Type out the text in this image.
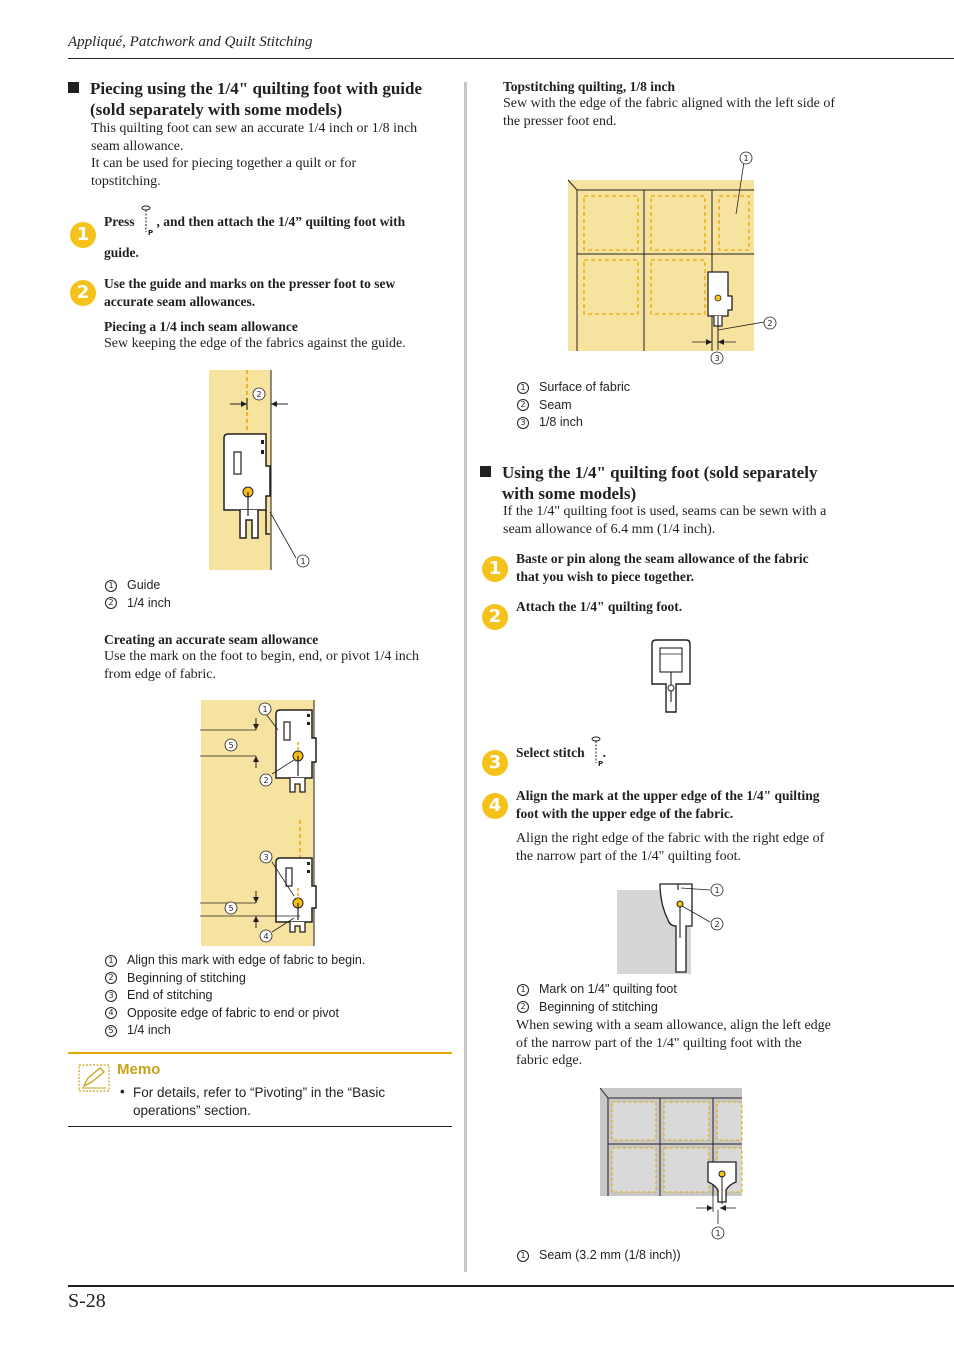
Appliqué, Patchwork and Quilt Stitching
Piecing using the 1/4" quilting foot with guide
(sold separately with some models)
This quilting foot can sew an accurate 1/4 inch or 1/8 inch
seam allowance.
It can be used for piecing together a quilt or for
topstitching.
1
Press
P
, and then attach the 1/4” quilting foot with
guide.
2	Use the guide and marks on the presser foot to sew
accurate seam allowances.
Piecing a 1/4 inch seam allowance
Sew keeping the edge of the fabrics against the guide.
1
2
1 Guide
2 1/4 inch
Creating an accurate seam allowance
Use the mark on the foot to begin, end, or pivot 1/4 inch
from edge of fabric.
1
5
2
3
5
4
1 Align this mark with edge of fabric to begin.
2 Beginning of stitching
3 End of stitching
4 Opposite edge of fabric to end or pivot
5 1/4 inch
Memo
• For details, refer to “Pivoting” in the “Basic
operations” section.
Topstitching quilting, 1/8 inch
Sew with the edge of the fabric aligned with the left side of
the presser foot end.
1
2
3
1 Surface of fabric
2 Seam
3 1/8 inch
Using the 1/4" quilting foot (sold separately
with some models)
If the 1/4" quilting foot is used, seams can be sewn with a
seam allowance of 6.4 mm (1/4 inch).
1	Baste or pin along the seam allowance of the fabric
that you wish to piece together.
2	Attach the 1/4" quilting foot.
3	Select stitch
P
.
4	Align the mark at the upper edge of the 1/4" quilting
foot with the upper edge of the fabric.
Align the right edge of the fabric with the right edge of
the narrow part of the 1/4" quilting foot.
1
2
1 Mark on 1/4" quilting foot
2 Beginning of stitching
When sewing with a seam allowance, align the left edge
of the narrow part of the 1/4" quilting foot with the
fabric edge.
1
1 Seam (3.2 mm (1/8 inch))
S-28
